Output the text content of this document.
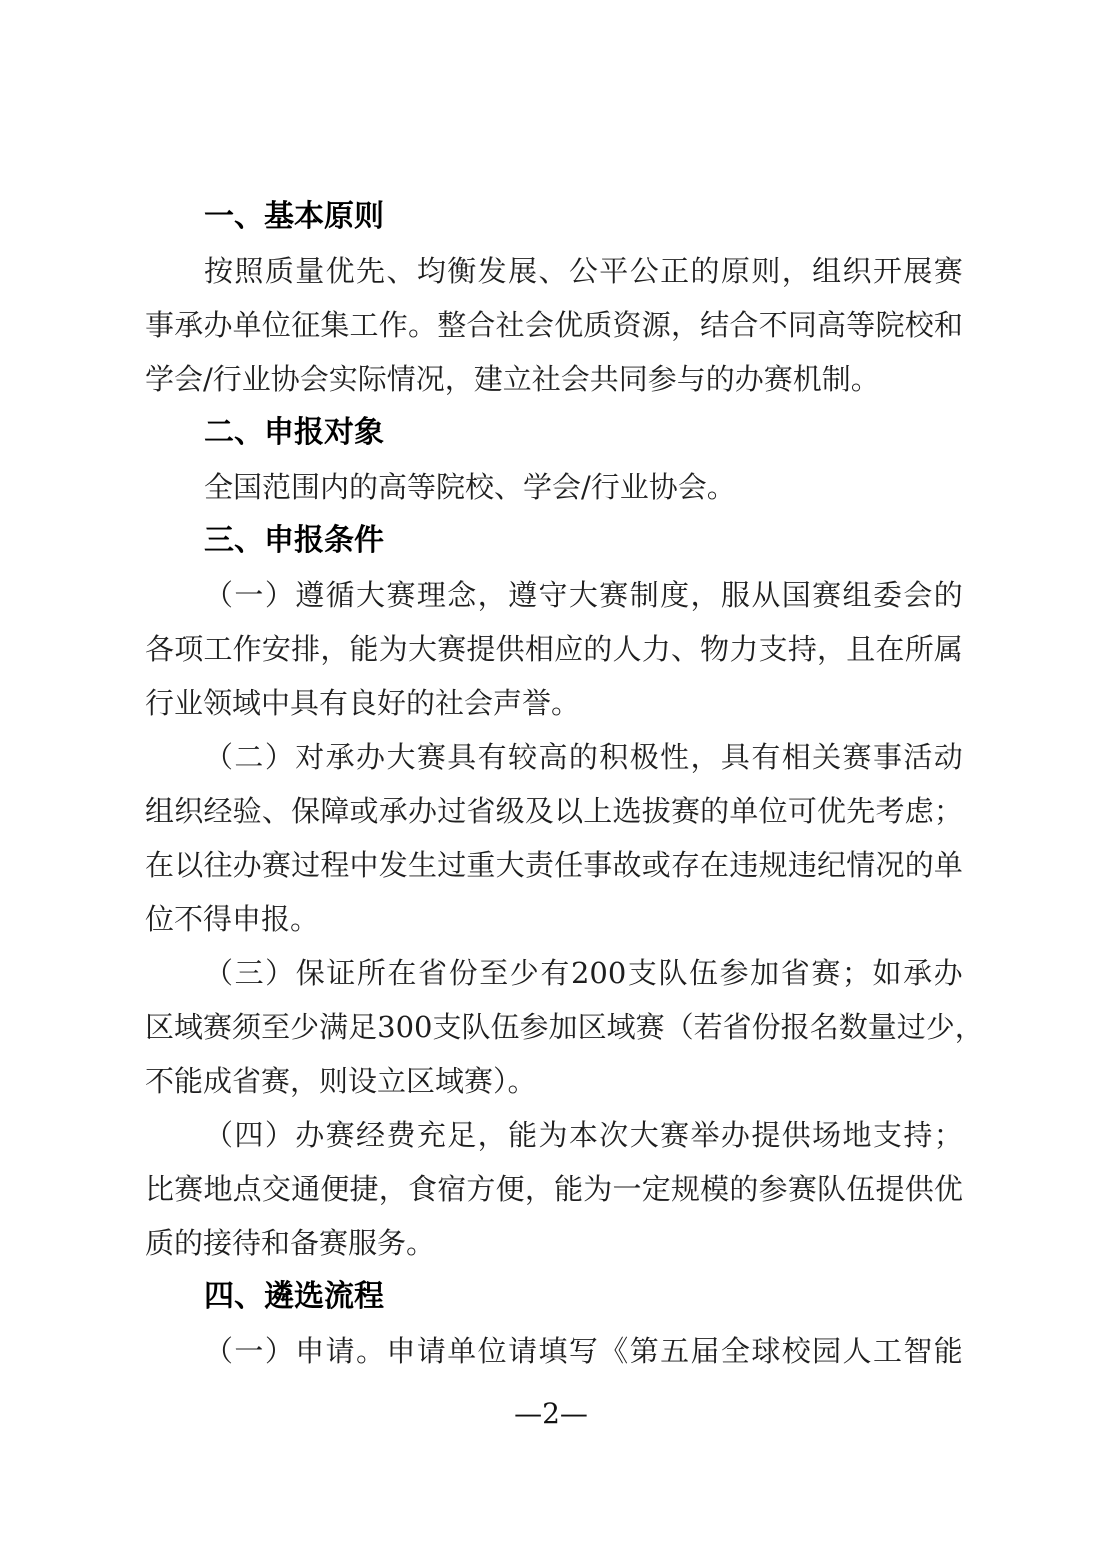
一、基本原则
按 照 质 量 优 先 、 均 衡 发 展 、 公 平 公 正 的 原 则 ， 组 织 开 展 赛
事 承 办 单 位 征 集 工 作 。 整 合 社 会 优 质 资 源 ， 结 合 不 同 高 等 院 校 和
学会/行业协会实际情况，建立社会共同参与的办赛机制。
二、申报对象
全国范围内的高等院校、学会/行业协会。
三、申报条件
（ 一 ） 遵 循 大 赛 理 念 ， 遵 守 大 赛 制 度 ， 服 从 国 赛 组 委 会 的
各 项 工 作 安 排 ， 能 为 大 赛 提 供 相 应 的 人 力 、 物 力 支 持 ， 且 在 所 属
行业领域中具有良好的社会声誉。
（ 二 ） 对 承 办 大 赛 具 有 较 高 的 积 极 性 ， 具 有 相 关 赛 事 活 动
组 织 经 验 、 保 障 或 承 办 过 省 级 及 以 上 选 拔 赛 的 单 位 可 优 先 考 虑 ；
在 以 往 办 赛 过 程 中 发 生 过 重 大 责 任 事 故 或 存 在 违 规 违 纪 情 况 的 单
位不得申报。
（ 三 ） 保 证 所 在 省 份 至 少 有 200 支 队 伍 参 加 省 赛 ； 如 承 办
区 域 赛 须 至 少 满 足 300 支 队 伍 参 加 区 域 赛 （ 若 省 份 报 名 数 量 过 少 ，
不能成省赛，则设立区域赛）。
（ 四 ） 办 赛 经 费 充 足 ， 能 为 本 次 大 赛 举 办 提 供 场 地 支 持 ；
比 赛 地 点 交 通 便 捷 ， 食 宿 方 便 ， 能 为 一 定 规 模 的 参 赛 队 伍 提 供 优
质的接待和备赛服务。
四、遴选流程
（ 一 ） 申 请 。 申 请 单 位 请 填 写 《 第 五 届 全 球 校 园 人 工 智 能
—2—
